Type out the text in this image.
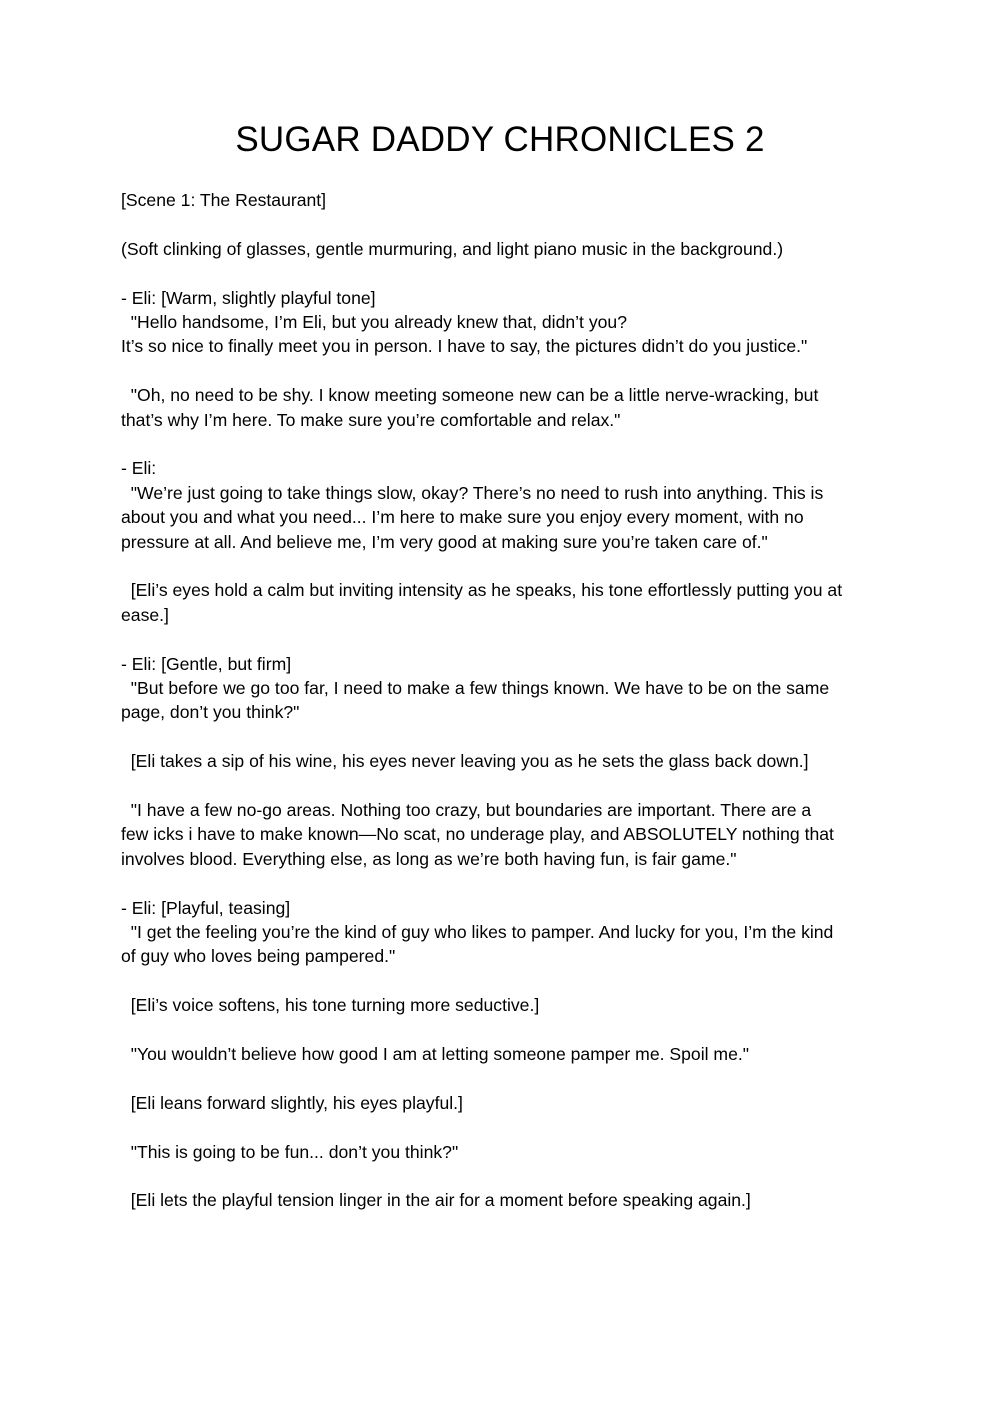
SUGAR DADDY CHRONICLES 2

[Scene 1: The Restaurant]

(Soft clinking of glasses, gentle murmuring, and light piano music in the background.)

- Eli: [Warm, slightly playful tone]
"Hello handsome, I’m Eli, but you already knew that, didn’t you?
It’s so nice to finally meet you in person. I have to say, the pictures didn’t do you justice."

"Oh, no need to be shy. I know meeting someone new can be a little nerve-wracking, but
that’s why I’m here. To make sure you’re comfortable and relax."

- Eli:
"We’re just going to take things slow, okay? There’s no need to rush into anything. This is
about you and what you need... I’m here to make sure you enjoy every moment, with no
pressure at all. And believe me, I’m very good at making sure you’re taken care of."

[Eli’s eyes hold a calm but inviting intensity as he speaks, his tone effortlessly putting you at
ease.]

- Eli: [Gentle, but firm]
"But before we go too far, I need to make a few things known. We have to be on the same
page, don’t you think?"

[Eli takes a sip of his wine, his eyes never leaving you as he sets the glass back down.]

"I have a few no-go areas. Nothing too crazy, but boundaries are important. There are a
few icks i have to make known—No scat, no underage play, and ABSOLUTELY nothing that
involves blood. Everything else, as long as we’re both having fun, is fair game."

- Eli: [Playful, teasing]
"I get the feeling you’re the kind of guy who likes to pamper. And lucky for you, I’m the kind
of guy who loves being pampered."

[Eli’s voice softens, his tone turning more seductive.]

"You wouldn’t believe how good I am at letting someone pamper me. Spoil me."

[Eli leans forward slightly, his eyes playful.]

"This is going to be fun... don’t you think?"

[Eli lets the playful tension linger in the air for a moment before speaking again.]
